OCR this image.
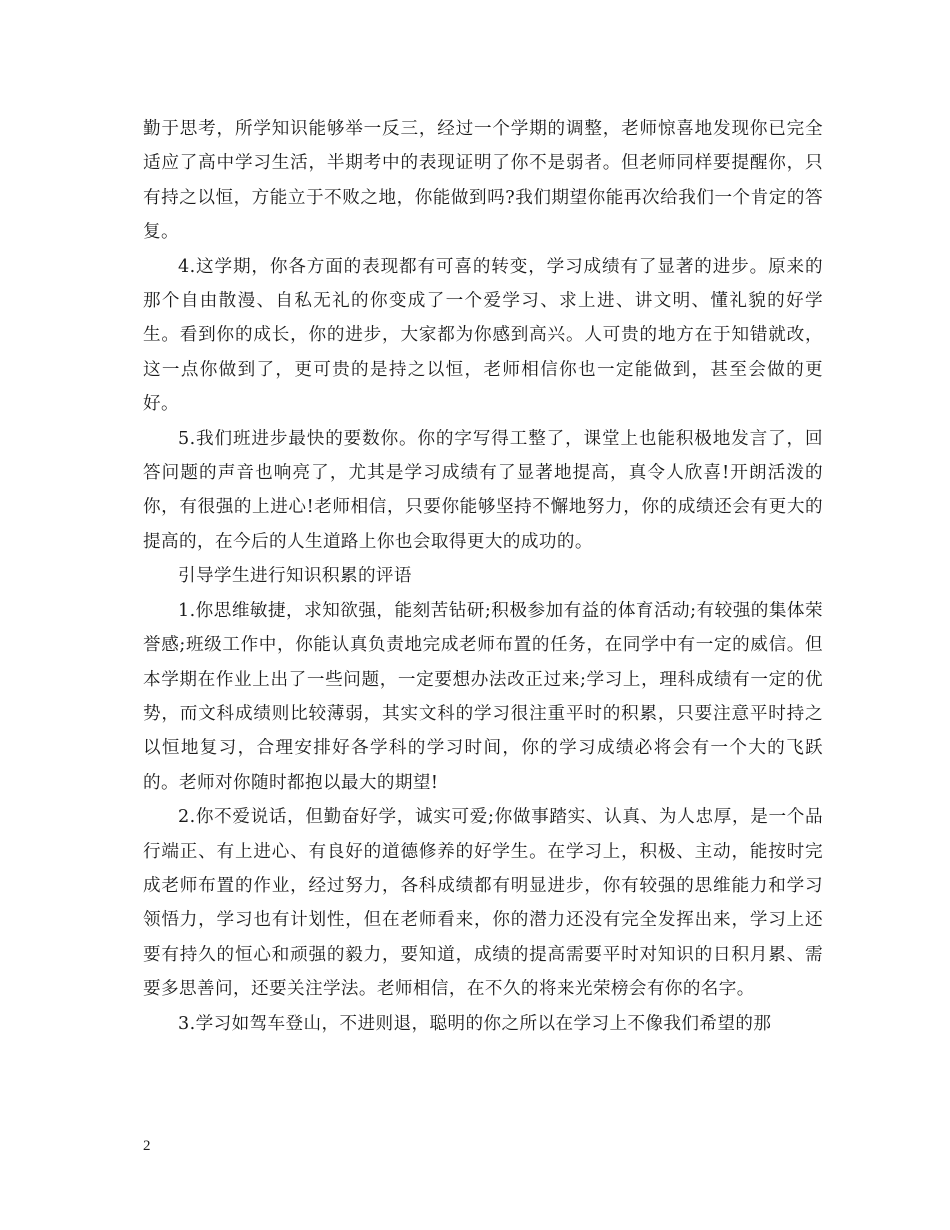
勤于思考，所学知识能够举一反三，经过一个学期的调整，老师惊喜地发现你已完全适应了高中学习生活，半期考中的表现证明了你不是弱者。但老师同样要提醒你，只有持之以恒，方能立于不败之地，你能做到吗?我们期望你能再次给我们一个肯定的答复。

4.这学期，你各方面的表现都有可喜的转变，学习成绩有了显著的进步。原来的那个自由散漫、自私无礼的你变成了一个爱学习、求上进、讲文明、懂礼貌的好学生。看到你的成长，你的进步，大家都为你感到高兴。人可贵的地方在于知错就改，这一点你做到了，更可贵的是持之以恒，老师相信你也一定能做到，甚至会做的更好。

5.我们班进步最快的要数你。你的字写得工整了，课堂上也能积极地发言了，回答问题的声音也响亮了，尤其是学习成绩有了显著地提高，真令人欣喜!开朗活泼的你，有很强的上进心!老师相信，只要你能够坚持不懈地努力，你的成绩还会有更大的提高的，在今后的人生道路上你也会取得更大的成功的。

引导学生进行知识积累的评语

1.你思维敏捷，求知欲强，能刻苦钻研;积极参加有益的体育活动;有较强的集体荣誉感;班级工作中，你能认真负责地完成老师布置的任务，在同学中有一定的威信。但本学期在作业上出了一些问题，一定要想办法改正过来;学习上，理科成绩有一定的优势，而文科成绩则比较薄弱，其实文科的学习很注重平时的积累，只要注意平时持之以恒地复习，合理安排好各学科的学习时间，你的学习成绩必将会有一个大的飞跃的。老师对你随时都抱以最大的期望!

2.你不爱说话，但勤奋好学，诚实可爱;你做事踏实、认真、为人忠厚，是一个品行端正、有上进心、有良好的道德修养的好学生。在学习上，积极、主动，能按时完成老师布置的作业，经过努力，各科成绩都有明显进步，你有较强的思维能力和学习领悟力，学习也有计划性，但在老师看来，你的潜力还没有完全发挥出来，学习上还要有持久的恒心和顽强的毅力，要知道，成绩的提高需要平时对知识的日积月累、需要多思善问，还要关注学法。老师相信，在不久的将来光荣榜会有你的名字。

3.学习如驾车登山，不进则退，聪明的你之所以在学习上不像我们希望的那

2
